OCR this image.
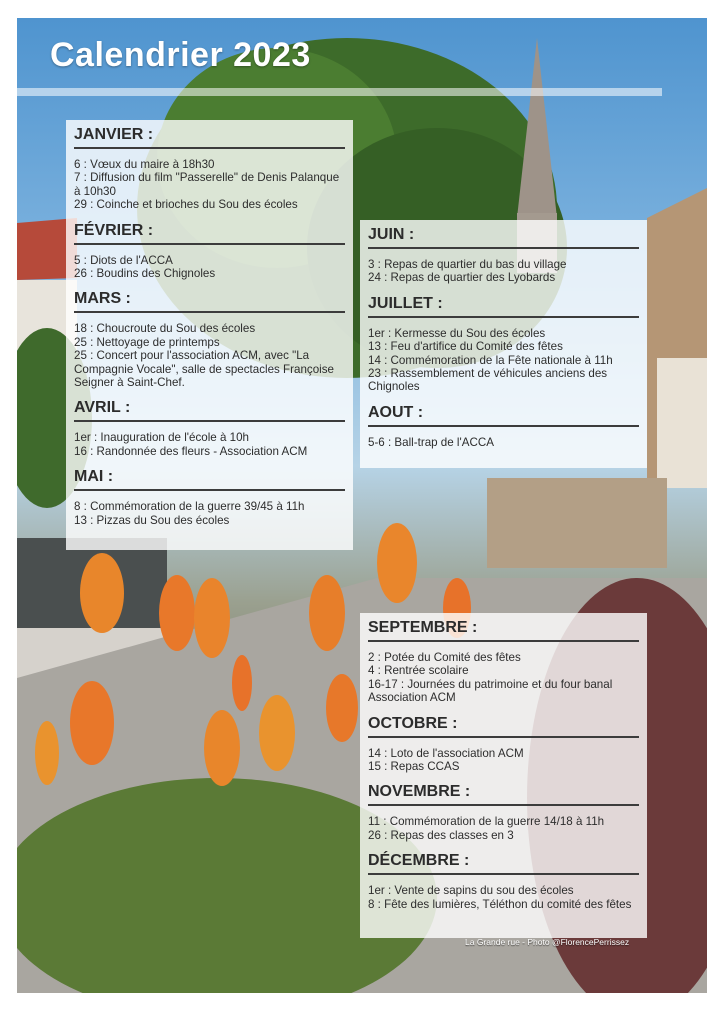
Calendrier 2023
JANVIER :
6 : Vœux du maire à 18h30
7 : Diffusion du film "Passerelle" de Denis Palanque à 10h30
29 : Coinche et brioches du Sou des écoles
FÉVRIER :
5 : Diots de l'ACCA
26 : Boudins des Chignoles
MARS :
18 : Choucroute du Sou des écoles
25 : Nettoyage de printemps
25 : Concert pour l'association ACM, avec "La Compagnie Vocale", salle de spectacles Françoise Seigner à Saint-Chef.
AVRIL :
1er : Inauguration de l'école à 10h
16 : Randonnée des fleurs - Association ACM
MAI :
8 : Commémoration de la guerre 39/45 à 11h
13 : Pizzas du Sou des écoles
JUIN :
3 : Repas de quartier du bas du village
24 : Repas de quartier des Lyobards
JUILLET :
1er : Kermesse du Sou des écoles
13 : Feu d'artifice du Comité des fêtes
14 : Commémoration de la Fête nationale à 11h
23 : Rassemblement de véhicules anciens des Chignoles
AOUT :
5-6 : Ball-trap de l'ACCA
SEPTEMBRE :
2 : Potée du Comité des fêtes
4 : Rentrée scolaire
16-17 : Journées du patrimoine et du four banal Association ACM
OCTOBRE :
14 : Loto de l'association ACM
15 : Repas CCAS
NOVEMBRE :
11 : Commémoration de la guerre 14/18 à 11h
26 : Repas des classes en 3
DÉCEMBRE :
1er : Vente de sapins du sou des écoles
8 : Fête des lumières, Téléthon du comité des fêtes
La Grande rue - Photo @FlorencePerrissez
